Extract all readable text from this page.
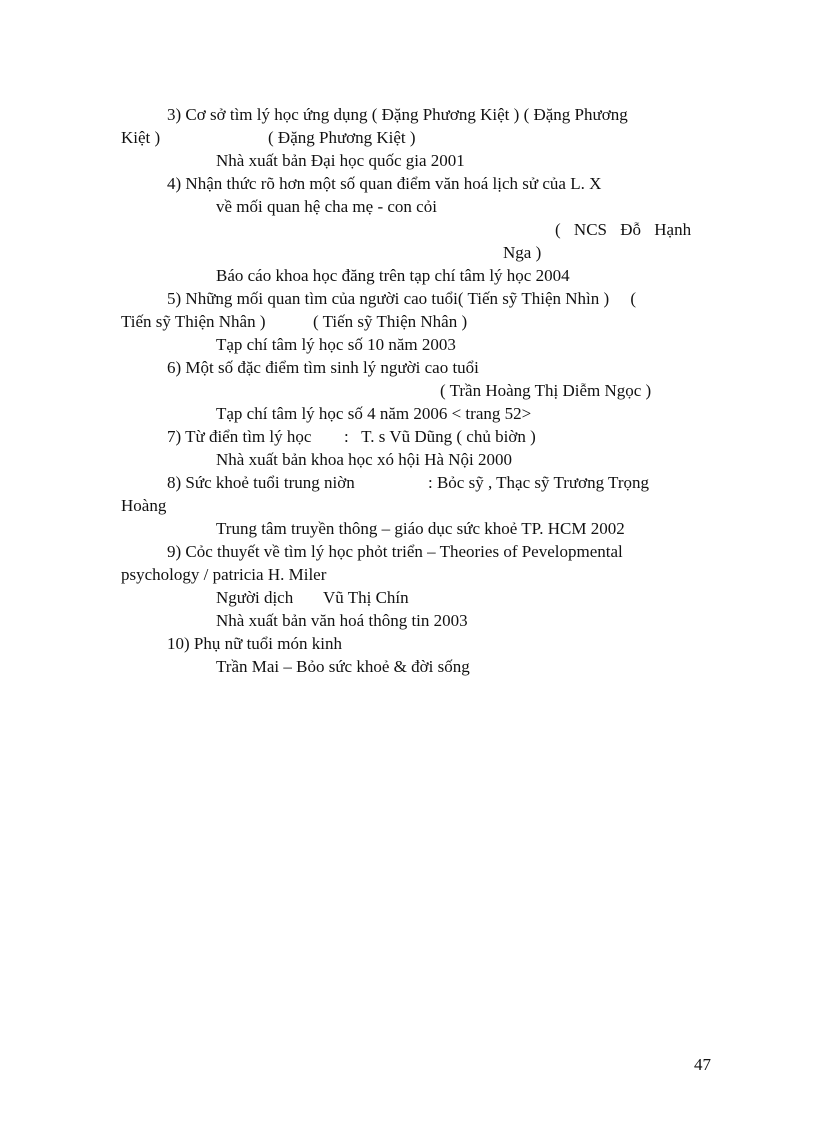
3) Cơ sở tìm lý học ứng dụng ( Đặng Phương Kiệt ) ( Đặng Phương
Kiệt )	( Đặng Phương Kiệt )
Nhà xuất bản Đại học quốc gia 2001
4) Nhận thức rõ hơn một số quan điểm văn hoá lịch sử của L. X
về mối quan hệ cha mẹ - con cỏi
( NCS Đỗ Hạnh
Nga )
Báo cáo khoa học đăng trên tạp chí tâm lý học 2004
5) Những mối quan tìm của người cao tuổi( Tiến sỹ Thiện Nhìn )     (
Tiến sỹ Thiện Nhân )	( Tiến sỹ Thiện Nhân )
Tạp chí tâm lý học số 10 năm 2003
6) Một số đặc điểm tìm sinh lý người cao tuổi
( Trần Hoàng Thị Diễm Ngọc )
Tạp chí tâm lý học số 4 năm 2006 < trang 52>
7) Từ điển tìm lý học :   T. s Vũ Dũng ( chủ biờn )
Nhà xuất bản khoa học xó hội Hà Nội 2000
8) Sức khoẻ tuổi trung niờn	: Bỏc sỹ , Thạc sỹ Trương Trọng
Hoàng
Trung tâm truyền thông – giáo dục sức khoẻ TP. HCM 2002
9) Cỏc thuyết về tìm lý học phỏt triển – Theories of Pevelopmental
psychology / patricia H. Miler
Người dịch Vũ Thị Chín
Nhà xuất bản văn hoá thông tin 2003
10) Phụ nữ tuổi món kinh
Trần Mai – Bỏo sức khoẻ & đời sống
47
